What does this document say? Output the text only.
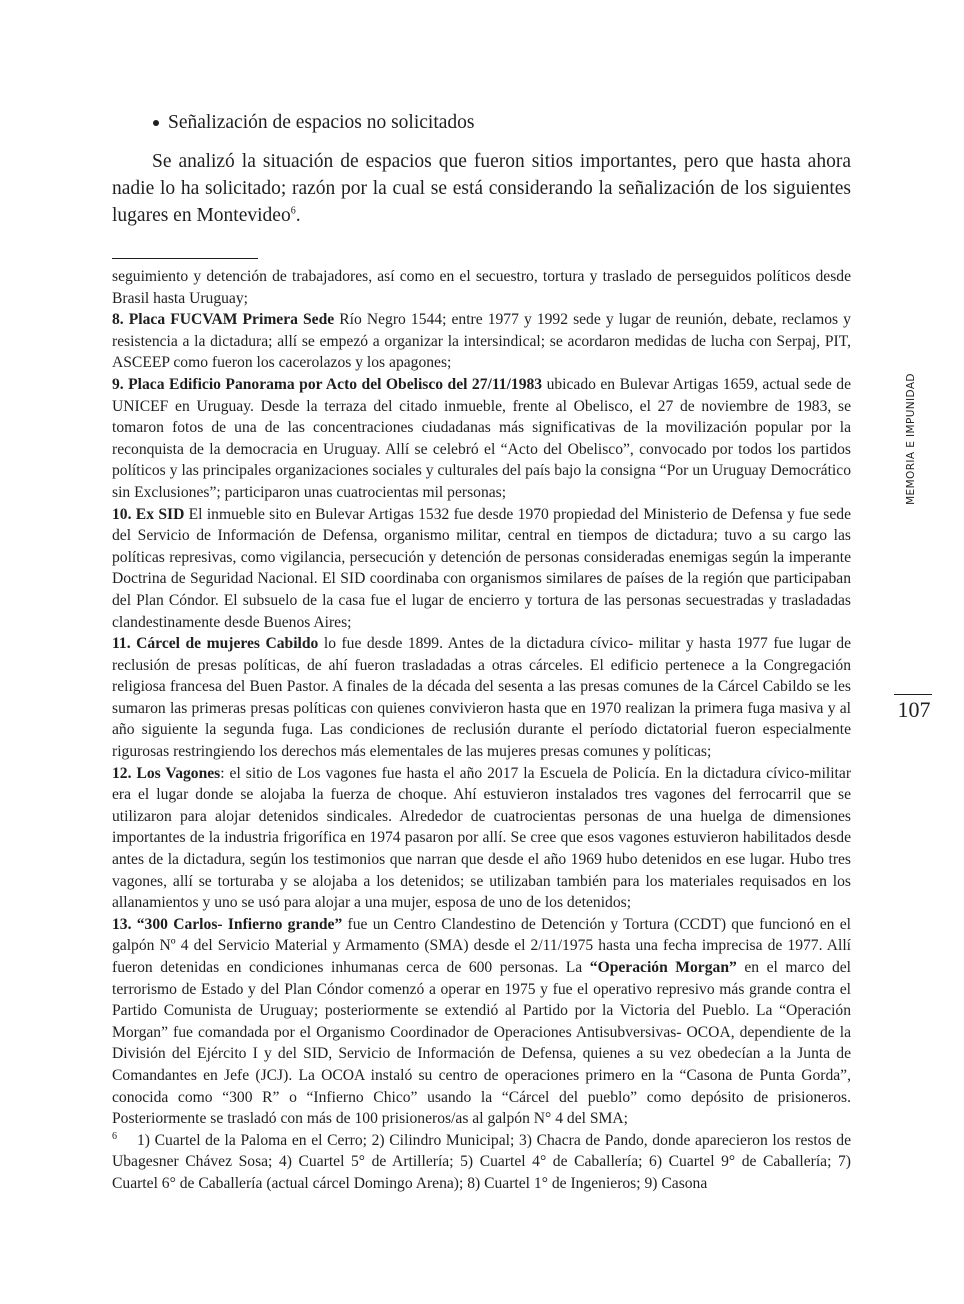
Señalización de espacios no solicitados

Se analizó la situación de espacios que fueron sitios importantes, pero que hasta ahora nadie lo ha solicitado; razón por la cual se está considerando la señalización de los siguientes lugares en Montevideo$^6$.

seguimiento y detención de trabajadores, así como en el secuestro, tortura y traslado de perseguidos políticos desde Brasil hasta Uruguay;

8. Placa FUCVAM Primera Sede Río Negro 1544; entre 1977 y 1992 sede y lugar de reunión, debate, reclamos y resistencia a la dictadura; allí se empezó a organizar la intersindical; se acordaron medidas de lucha con Serpaj, PIT, ASCEEP como fueron los cacerolazos y los apagones;

9. Placa Edificio Panorama por Acto del Obelisco del 27/11/1983 ubicado en Bulevar Artigas 1659, actual sede de UNICEF en Uruguay. Desde la terraza del citado inmueble, frente al Obelisco, el 27 de noviembre de 1983, se tomaron fotos de una de las concentraciones ciudadanas más significativas de la movilización popular por la reconquista de la democracia en Uruguay. Allí se celebró el “Acto del Obelisco”, convocado por todos los partidos políticos y las principales organizaciones sociales y culturales del país bajo la consigna “Por un Uruguay Democrático sin Exclusiones”; participaron unas cuatrocientas mil personas;

10. Ex SID El inmueble sito en Bulevar Artigas 1532 fue desde 1970 propiedad del Ministerio de Defensa y fue sede del Servicio de Información de Defensa, organismo militar, central en tiempos de dictadura; tuvo a su cargo las políticas represivas, como vigilancia, persecución y detención de personas consideradas enemigas según la imperante Doctrina de Seguridad Nacional. El SID coordinaba con organismos similares de países de la región que participaban del Plan Cóndor. El subsuelo de la casa fue el lugar de encierro y tortura de las personas secuestradas y trasladadas clandestinamente desde Buenos Aires;

11. Cárcel de mujeres Cabildo lo fue desde 1899. Antes de la dictadura cívico- militar y hasta 1977 fue lugar de reclusión de presas políticas, de ahí fueron trasladadas a otras cárceles. El edificio pertenece a la Congregación religiosa francesa del Buen Pastor. A finales de la década del sesenta a las presas comunes de la Cárcel Cabildo se les sumaron las primeras presas políticas con quienes convivieron hasta que en 1970 realizan la primera fuga masiva y al año siguiente la segunda fuga. Las condiciones de reclusión durante el período dictatorial fueron especialmente rigurosas restringiendo los derechos más elementales de las mujeres presas comunes y políticas;

12. Los Vagones: el sitio de Los vagones fue hasta el año 2017 la Escuela de Policía. En la dictadura cívico-militar era el lugar donde se alojaba la fuerza de choque. Ahí estuvieron instalados tres vagones del ferrocarril que se utilizaron para alojar detenidos sindicales. Alrededor de cuatrocientas personas de una huelga de dimensiones importantes de la industria frigorífica en 1974 pasaron por allí. Se cree que esos vagones estuvieron habilitados desde antes de la dictadura, según los testimonios que narran que desde el año 1969 hubo detenidos en ese lugar. Hubo tres vagones, allí se torturaba y se alojaba a los detenidos; se utilizaban también para los materiales requisados en los allanamientos y uno se usó para alojar a una mujer, esposa de uno de los detenidos;

13. “300 Carlos- Infierno grande” fue un Centro Clandestino de Detención y Tortura (CCDT) que funcionó en el galpón Nº 4 del Servicio Material y Armamento (SMA) desde el 2/11/1975 hasta una fecha imprecisa de 1977. Allí fueron detenidas en condiciones inhumanas cerca de 600 personas. La “Operación Morgan” en el marco del terrorismo de Estado y del Plan Cóndor comenzó a operar en 1975 y fue el operativo represivo más grande contra el Partido Comunista de Uruguay; posteriormente se extendió al Partido por la Victoria del Pueblo. La “Operación Morgan” fue comandada por el Organismo Coordinador de Operaciones Antisubversivas- OCOA, dependiente de la División del Ejército I y del SID, Servicio de Información de Defensa, quienes a su vez obedecían a la Junta de Comandantes en Jefe (JCJ). La OCOA instaló su centro de operaciones primero en la “Casona de Punta Gorda”, conocida como “300 R” o “Infierno Chico” usando la “Cárcel del pueblo” como depósito de prisioneros. Posteriormente se trasladó con más de 100 prisioneros/as al galpón N° 4 del SMA;

$^6$ 1) Cuartel de la Paloma en el Cerro; 2) Cilindro Municipal; 3) Chacra de Pando, donde aparecieron los restos de Ubagesner Chávez Sosa; 4) Cuartel 5° de Artillería; 5) Cuartel 4° de Caballería; 6) Cuartel 9° de Caballería; 7) Cuartel 6° de Caballería (actual cárcel Domingo Arena); 8) Cuartel 1° de Ingenieros; 9) Casona

MEMORIA E IMPUNIDAD
107
